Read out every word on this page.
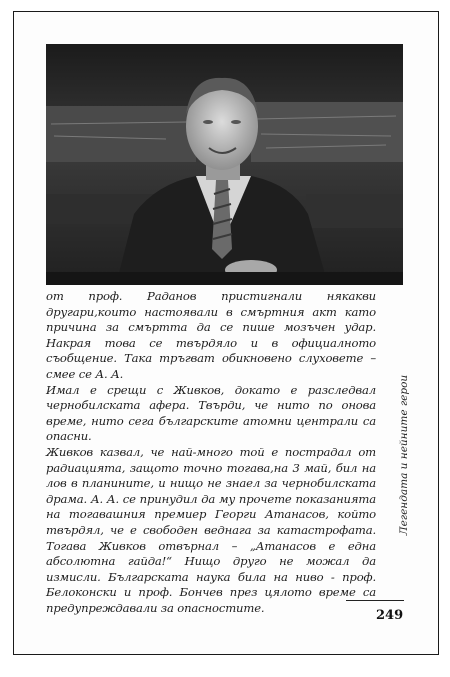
от проф. Раданов пристигнали някакви другари,които настоявали в смъртния акт като причина за смъртта да се пише мозъчен удар. Накрая това се твърдяло и в официалното съобщение. Така тръгват обикновено слуховете – смее се А. А.

Имал е срещи с Живков, докато е разследвал чернобилската афера. Твърди, че нито по онова време, нито сега българските атомни централи са опасни.

Живков казвал, че най-много той е пострадал от радиацията, защото точно тогава,на 3 май, бил на лов в планините, и нищо не знаел за чернобилската драма. А. А. се принудил да му прочете показанията на тогавашния премиер Георги Атанасов, който твърдял, че е свободен веднага за катастрофата. Тогава Живков отвърнал – „Атанасов е една абсолютна гайда!“ Нищо друго не можал да измисли. Българската наука била на ниво - проф. Белоконски и проф. Бончев през цялото време са предупреждавали за опасностите.

Легендата и нейните герои
249
